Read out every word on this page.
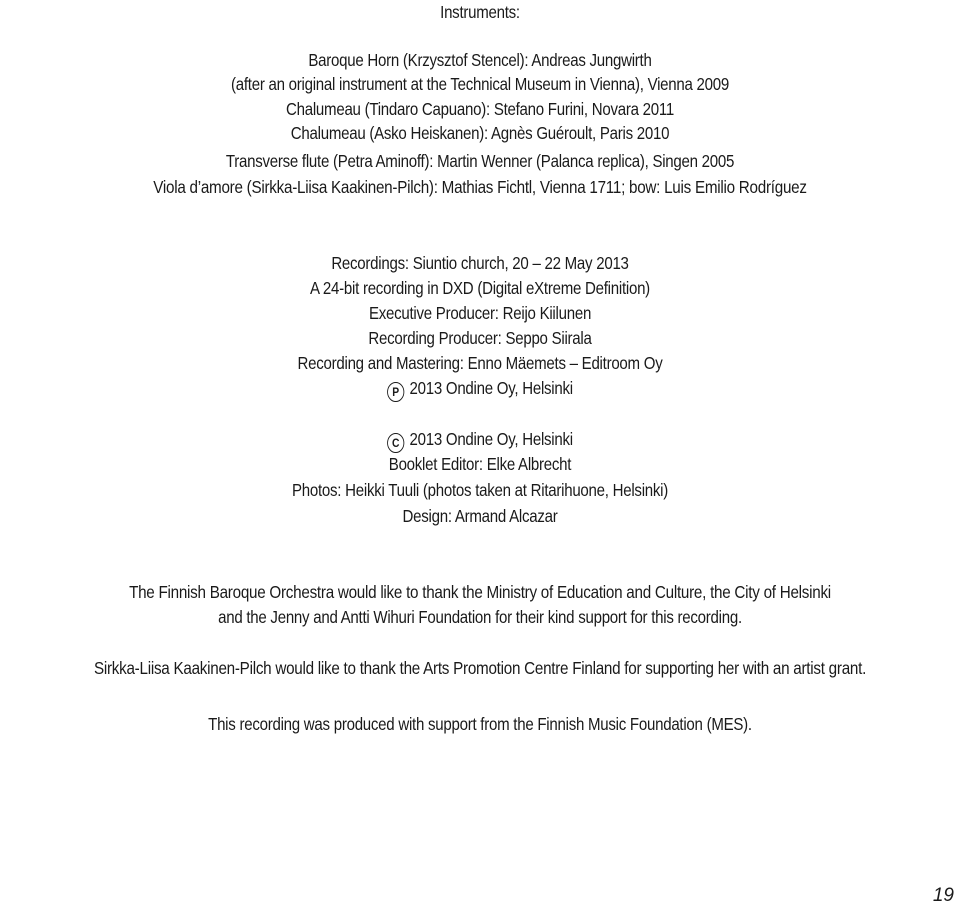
Instruments:
Baroque Horn (Krzysztof Stencel): Andreas Jungwirth
(after an original instrument at the Technical Museum in Vienna), Vienna 2009
Chalumeau (Tindaro Capuano): Stefano Furini, Novara 2011
Chalumeau (Asko Heiskanen): Agnès Guéroult, Paris 2010
Transverse flute (Petra Aminoff): Martin Wenner (Palanca replica), Singen 2005
Viola d’amore (Sirkka-Liisa Kaakinen-Pilch): Mathias Fichtl, Vienna 1711; bow: Luis Emilio Rodríguez
Recordings: Siuntio church, 20 – 22 May 2013
A 24-bit recording in DXD (Digital eXtreme Definition)
Executive Producer: Reijo Kiilunen
Recording Producer: Seppo Siirala
Recording and Mastering: Enno Mäemets – Editroom Oy
P 2013 Ondine Oy, Helsinki
C 2013 Ondine Oy, Helsinki
Booklet Editor: Elke Albrecht
Photos: Heikki Tuuli (photos taken at Ritarihuone, Helsinki)
Design: Armand Alcazar
The Finnish Baroque Orchestra would like to thank the Ministry of Education and Culture, the City of Helsinki
and the Jenny and Antti Wihuri Foundation for their kind support for this recording.
Sirkka-Liisa Kaakinen-Pilch would like to thank the Arts Promotion Centre Finland for supporting her with an artist grant.
This recording was produced with support from the Finnish Music Foundation (MES).
19
